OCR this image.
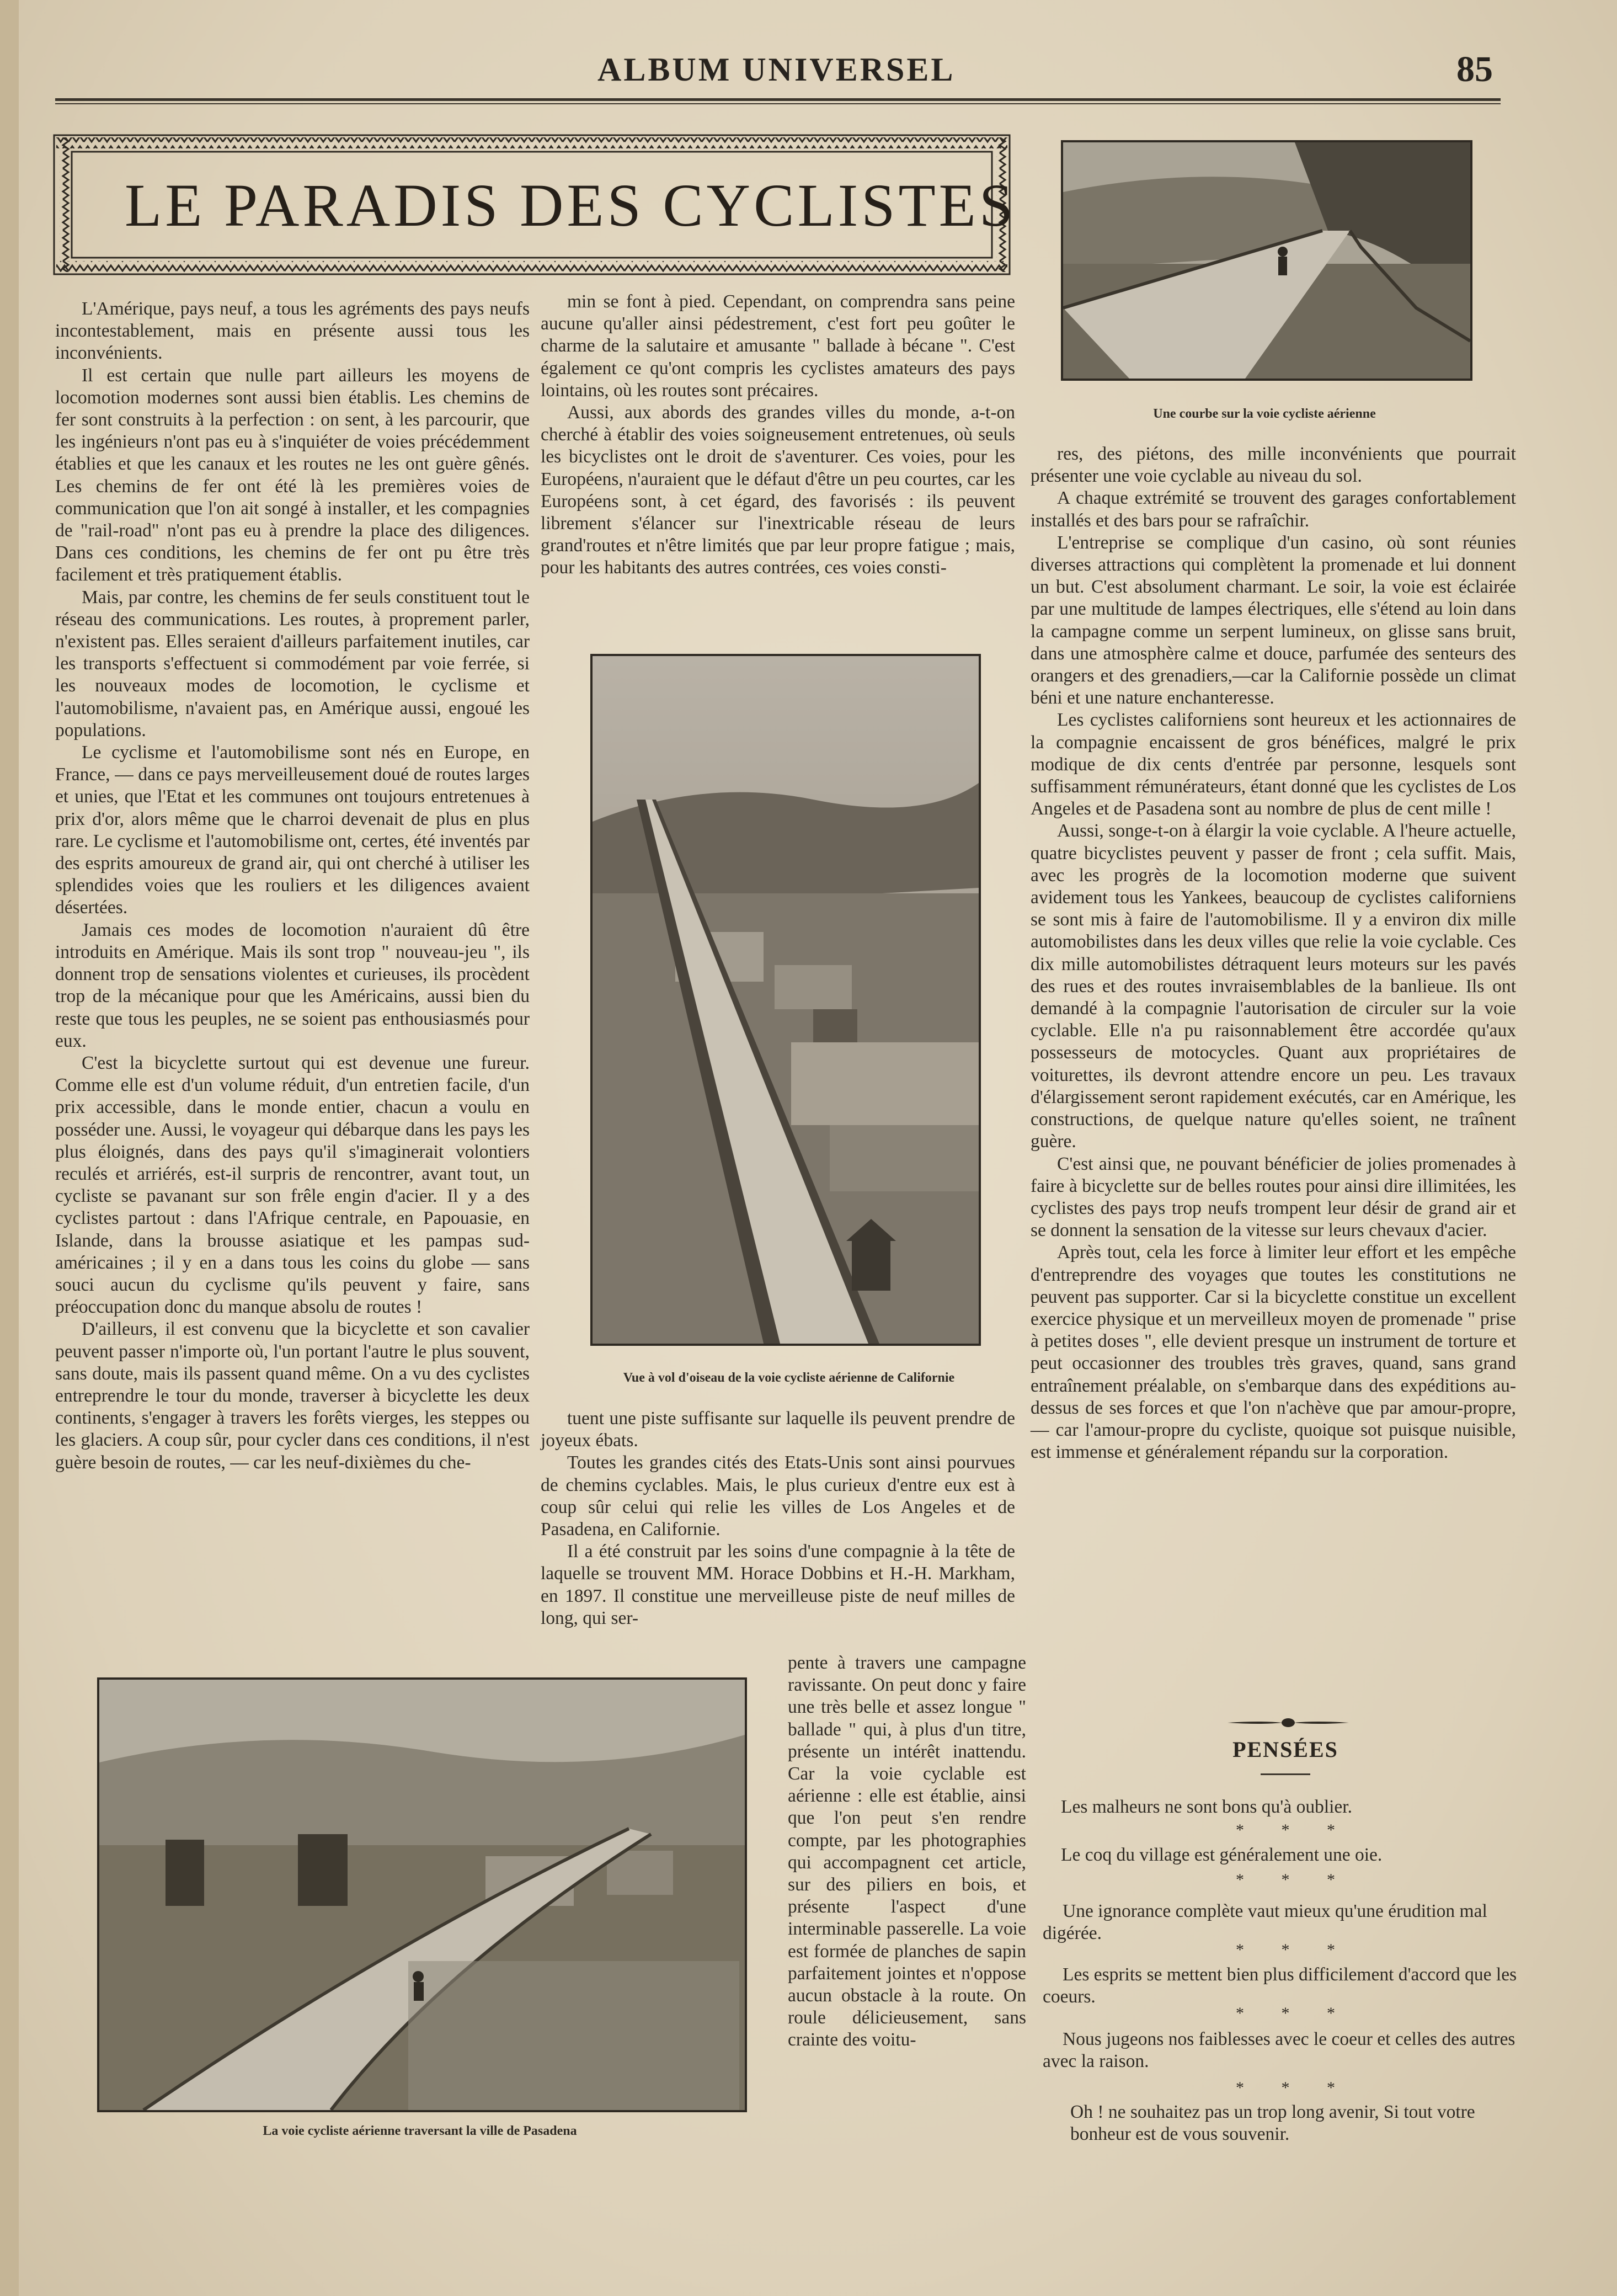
ALBUM UNIVERSEL	85
LE PARADIS DES CYCLISTES

L'Amérique, pays neuf, a tous les agréments des pays neufs incontestablement, mais en présente aussi tous les inconvénients.

Il est certain que nulle part ailleurs les moyens de locomotion modernes sont aussi bien établis. Les chemins de fer sont construits à la perfection : on sent, à les parcourir, que les ingénieurs n'ont pas eu à s'inquiéter de voies précédemment établies et que les canaux et les routes ne les ont guère gênés. Les chemins de fer ont été là les premières voies de communication que l'on ait songé à installer, et les compagnies de "rail-road" n'ont pas eu à prendre la place des diligences. Dans ces conditions, les chemins de fer ont pu être très facilement et très pratiquement établis.

Mais, par contre, les chemins de fer seuls constituent tout le réseau des communications. Les routes, à proprement parler, n'existent pas. Elles seraient d'ailleurs parfaitement inutiles, car les transports s'effectuent si commodément par voie ferrée, si les nouveaux modes de locomotion, le cyclisme et l'automobilisme, n'avaient pas, en Amérique aussi, engoué les populations.

Le cyclisme et l'automobilisme sont nés en Europe, en France, — dans ce pays merveilleusement doué de routes larges et unies, que l'Etat et les communes ont toujours entretenues à prix d'or, alors même que le charroi devenait de plus en plus rare. Le cyclisme et l'automobilisme ont, certes, été inventés par des esprits amoureux de grand air, qui ont cherché à utiliser les splendides voies que les rouliers et les diligences avaient désertées.

Jamais ces modes de locomotion n'auraient dû être introduits en Amérique. Mais ils sont trop " nouveau-jeu ", ils donnent trop de sensations violentes et curieuses, ils procèdent trop de la mécanique pour que les Américains, aussi bien du reste que tous les peuples, ne se soient pas enthousiasmés pour eux.

C'est la bicyclette surtout qui est devenue une fureur. Comme elle est d'un volume réduit, d'un entretien facile, d'un prix accessible, dans le monde entier, chacun a voulu en posséder une. Aussi, le voyageur qui débarque dans les pays les plus éloignés, dans des pays qu'il s'imaginerait volontiers reculés et arriérés, est-il surpris de rencontrer, avant tout, un cycliste se pavanant sur son frêle engin d'acier. Il y a des cyclistes partout : dans l'Afrique centrale, en Papouasie, en Islande, dans la brousse asiatique et les pampas sud-américaines ; il y en a dans tous les coins du globe — sans souci aucun du cyclisme qu'ils peuvent y faire, sans préoccupation donc du manque absolu de routes !

D'ailleurs, il est convenu que la bicyclette et son cavalier peuvent passer n'importe où, l'un portant l'autre le plus souvent, sans doute, mais ils passent quand même. On a vu des cyclistes entreprendre le tour du monde, traverser à bicyclette les deux continents, s'engager à travers les forêts vierges, les steppes ou les glaciers. A coup sûr, pour cycler dans ces conditions, il n'est guère besoin de routes, — car les neuf-dixièmes du che-

min se font à pied. Cependant, on comprendra sans peine aucune qu'aller ainsi pédestrement, c'est fort peu goûter le charme de la salutaire et amusante " ballade à bécane ". C'est également ce qu'ont compris les cyclistes amateurs des pays lointains, où les routes sont précaires.

Aussi, aux abords des grandes villes du monde, a-t-on cherché à établir des voies soigneusement entretenues, où seuls les bicyclistes ont le droit de s'aventurer. Ces voies, pour les Européens, n'auraient que le défaut d'être un peu courtes, car les Européens sont, à cet égard, des favorisés : ils peuvent librement s'élancer sur l'inextricable réseau de leurs grand'routes et n'être limités que par leur propre fatigue ; mais, pour les habitants des autres contrées, ces voies consti-

Vue à vol d'oiseau de la voie cycliste aérienne de Californie

tuent une piste suffisante sur laquelle ils peuvent prendre de joyeux ébats.

Toutes les grandes cités des Etats-Unis sont ainsi pourvues de chemins cyclables. Mais, le plus curieux d'entre eux est à coup sûr celui qui relie les villes de Los Angeles et de Pasadena, en Californie.

Il a été construit par les soins d'une compagnie à la tête de laquelle se trouvent MM. Horace Dobbins et H.-H. Markham, en 1897. Il constitue une merveilleuse piste de neuf milles de long, qui ser-

pente à travers une campagne ravissante. On peut donc y faire une très belle et assez longue " ballade " qui, à plus d'un titre, présente un intérêt inattendu. Car la voie cyclable est aérienne : elle est établie, ainsi que l'on peut s'en rendre compte, par les photographies qui accompagnent cet article, sur des piliers en bois, et présente l'aspect d'une interminable passerelle. La voie est formée de planches de sapin parfaitement jointes et n'oppose aucun obstacle à la route. On roule délicieusement, sans crainte des voitu-

La voie cycliste aérienne traversant la ville de Pasadena
Une courbe sur la voie cycliste aérienne

res, des piétons, des mille inconvénients que pourrait présenter une voie cyclable au niveau du sol.

A chaque extrémité se trouvent des garages confortablement installés et des bars pour se rafraîchir.

L'entreprise se complique d'un casino, où sont réunies diverses attractions qui complètent la promenade et lui donnent un but. C'est absolument charmant. Le soir, la voie est éclairée par une multitude de lampes électriques, elle s'étend au loin dans la campagne comme un serpent lumineux, on glisse sans bruit, dans une atmosphère calme et douce, parfumée des senteurs des orangers et des grenadiers,—car la Californie possède un climat béni et une nature enchanteresse.

Les cyclistes californiens sont heureux et les actionnaires de la compagnie encaissent de gros bénéfices, malgré le prix modique de dix cents d'entrée par personne, lesquels sont suffisamment rémunérateurs, étant donné que les cyclistes de Los Angeles et de Pasadena sont au nombre de plus de cent mille !

Aussi, songe-t-on à élargir la voie cyclable. A l'heure actuelle, quatre bicyclistes peuvent y passer de front ; cela suffit. Mais, avec les progrès de la locomotion moderne que suivent avidement tous les Yankees, beaucoup de cyclistes californiens se sont mis à faire de l'automobilisme. Il y a environ dix mille automobilistes dans les deux villes que relie la voie cyclable. Ces dix mille automobilistes détraquent leurs moteurs sur les pavés des rues et des routes invraisemblables de la banlieue. Ils ont demandé à la compagnie l'autorisation de circuler sur la voie cyclable. Elle n'a pu raisonnablement être accordée qu'aux possesseurs de motocycles. Quant aux propriétaires de voiturettes, ils devront attendre encore un peu. Les travaux d'élargissement seront rapidement exécutés, car en Amérique, les constructions, de quelque nature qu'elles soient, ne traînent guère.

C'est ainsi que, ne pouvant bénéficier de jolies promenades à faire à bicyclette sur de belles routes pour ainsi dire illimitées, les cyclistes des pays trop neufs trompent leur désir de grand air et se donnent la sensation de la vitesse sur leurs chevaux d'acier.

Après tout, cela les force à limiter leur effort et les empêche d'entreprendre des voyages que toutes les constitutions ne peuvent pas supporter. Car si la bicyclette constitue un excellent exercice physique et un merveilleux moyen de promenade " prise à petites doses ", elle devient presque un instrument de torture et peut occasionner des troubles très graves, quand, sans grand entraînement préalable, on s'embarque dans des expéditions au-dessus de ses forces et que l'on n'achève que par amour-propre, — car l'amour-propre du cycliste, quoique sot puisque nuisible, est immense et généralement répandu sur la corporation.

PENSÉES
Les malheurs ne sont bons qu'à oublier.
* * *
Le coq du village est généralement une oie.
* * *
Une ignorance complète vaut mieux qu'une érudition mal digérée.
* * *
Les esprits se mettent bien plus difficilement d'accord que les coeurs.
* * *
Nous jugeons nos faiblesses avec le coeur et celles des autres avec la raison.
* * *
Oh ! ne souhaitez pas un trop long avenir, Si tout votre bonheur est de vous souvenir.
